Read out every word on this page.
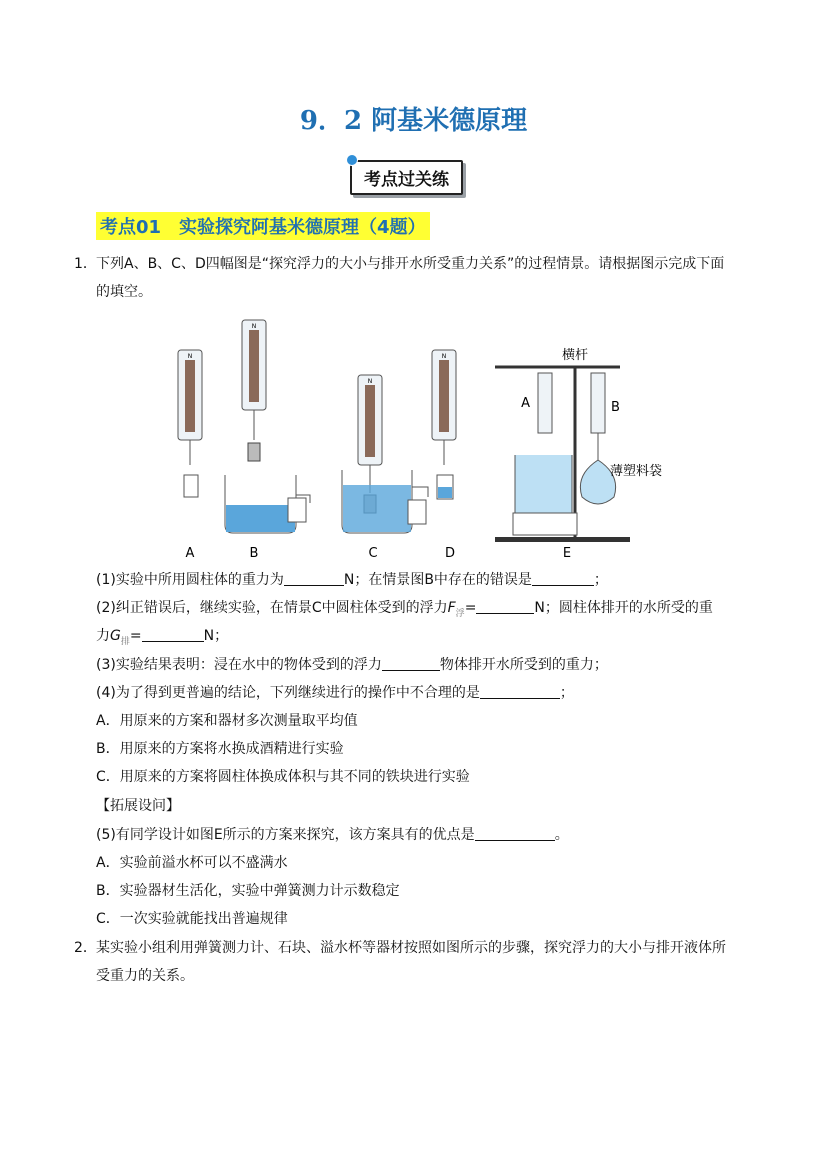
9．2 阿基米德原理
考点过关练
考点01　实验探究阿基米德原理（4题）
1． 下列A、B、C、D四幅图是“探究浮力的大小与排开水所受重力关系”的过程情景。请根据图示完成下面
的填空。
N
N
N
N	横杆
A	B
薄塑料袋
A	B	C	D	E
(1)实验中所用圆柱体的重力为	N；在情景图B中存在的错误是	；
(2)纠正错误后，继续实验，在情景C中圆柱体受到的浮力$F_浮=$	N；圆柱体排开的水所受的重
力$G_排=$	N；
(3)实验结果表明：浸在水中的物体受到的浮力	物体排开水所受到的重力；
(4)为了得到更普遍的结论，下列继续进行的操作中不合理的是	；
A．用原来的方案和器材多次测量取平均值
B．用原来的方案将水换成酒精进行实验
C．用原来的方案将圆柱体换成体积与其不同的铁块进行实验
【拓展设问】
(5)有同学设计如图E所示的方案来探究，该方案具有的优点是	。
A．实验前溢水杯可以不盛满水
B．实验器材生活化，实验中弹簧测力计示数稳定
C．一次实验就能找出普遍规律
2． 某实验小组利用弹簧测力计、石块、溢水杯等器材按照如图所示的步骤，探究浮力的大小与排开液体所
受重力的关系。
